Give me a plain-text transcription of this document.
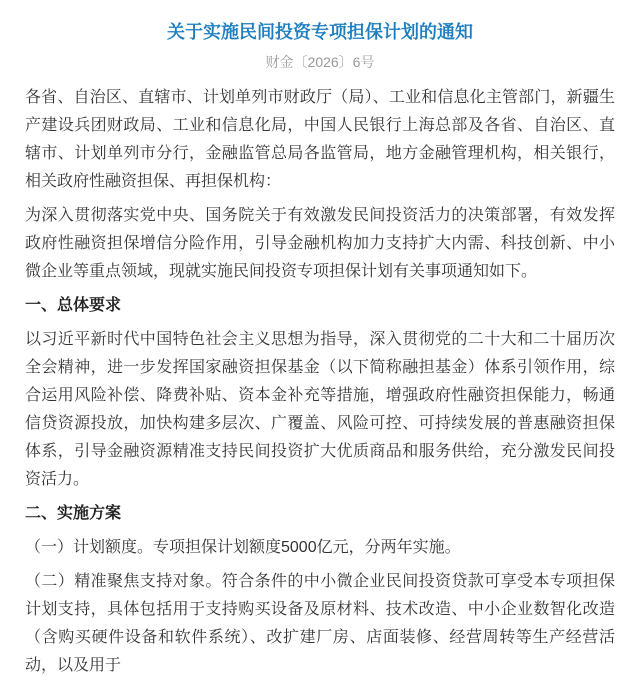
关于实施民间投资专项担保计划的通知
财金〔2026〕6号

各省、自治区、直辖市、计划单列市财政厅（局）、工业和信息化主管部门，新疆生产建设兵团财政局、工业和信息化局，中国人民银行上海总部及各省、自治区、直辖市、计划单列市分行，金融监管总局各监管局，地方金融管理机构，相关银行，相关政府性融资担保、再担保机构：

为深入贯彻落实党中央、国务院关于有效激发民间投资活力的决策部署，有效发挥政府性融资担保增信分险作用，引导金融机构加力支持扩大内需、科技创新、中小微企业等重点领域，现就实施民间投资专项担保计划有关事项通知如下。

一、总体要求

以习近平新时代中国特色社会主义思想为指导，深入贯彻党的二十大和二十届历次全会精神，进一步发挥国家融资担保基金（以下简称融担基金）体系引领作用，综合运用风险补偿、降费补贴、资本金补充等措施，增强政府性融资担保能力，畅通信贷资源投放，加快构建多层次、广覆盖、风险可控、可持续发展的普惠融资担保体系，引导金融资源精准支持民间投资扩大优质商品和服务供给，充分激发民间投资活力。

二、实施方案

（一）计划额度。专项担保计划额度5000亿元，分两年实施。

（二）精准聚焦支持对象。符合条件的中小微企业民间投资贷款可享受本专项担保计划支持，具体包括用于支持购买设备及原材料、技术改造、中小企业数智化改造（含购买硬件设备和软件系统）、改扩建厂房、店面装修、经营周转等生产经营活动，以及用于
